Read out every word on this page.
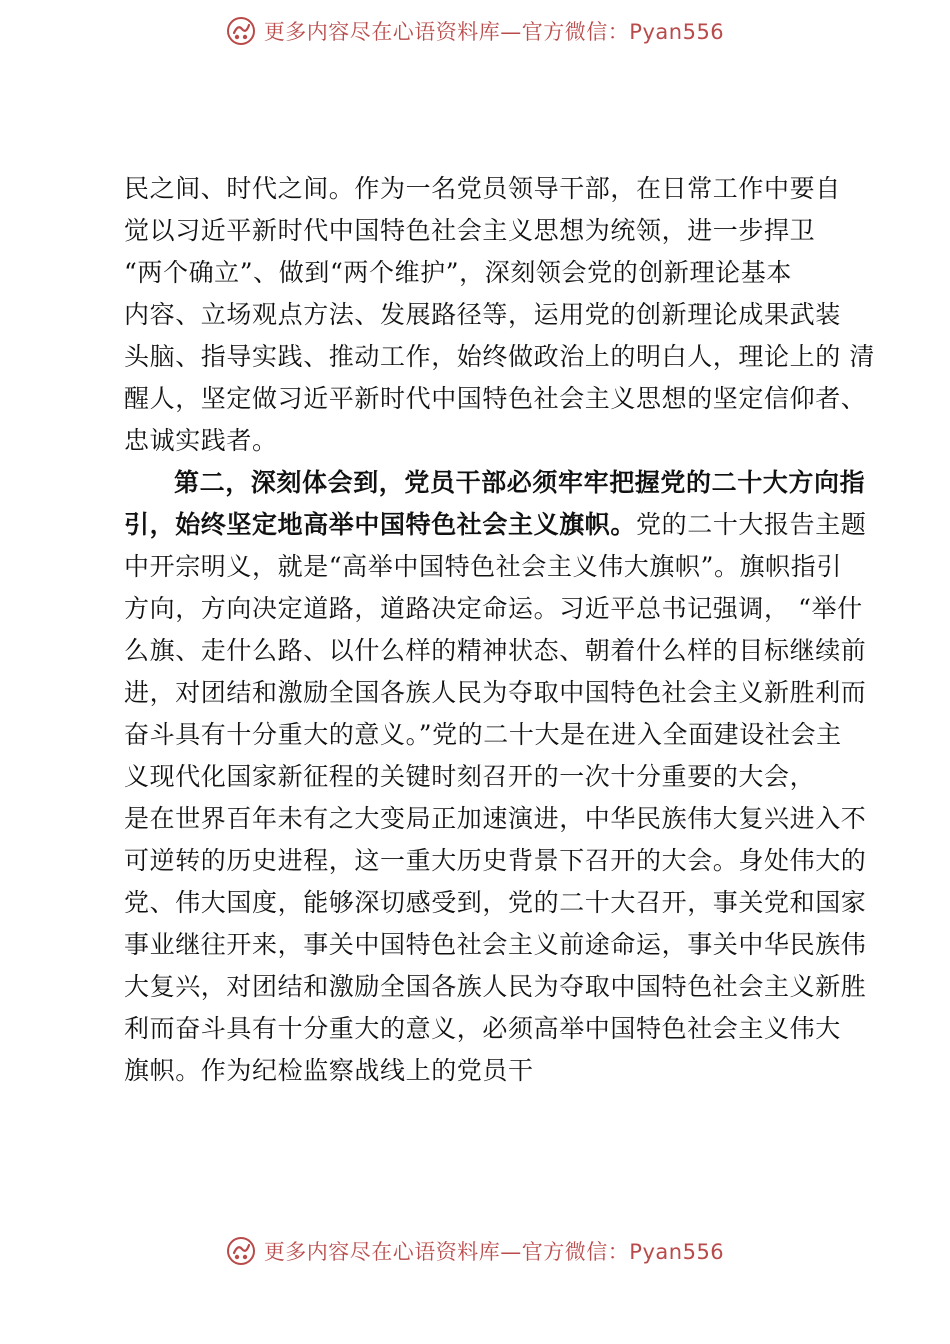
更多内容尽在心语资料库—官方微信：Pyan556
民之间、时代之间。作为一名党员领导干部，在日常工作中要自
觉以习近平新时代中国特色社会主义思想为统领，进一步捍卫
“两个确立”、做到“两个维护”，深刻领会党的创新理论基本
内容、立场观点方法、发展路径等，运用党的创新理论成果武装
头脑、指导实践、推动工作，始终做政治上的明白人，理论上的 清
醒人，坚定做习近平新时代中国特色社会主义思想的坚定信仰者、
忠诚实践者。
第二，深刻体会到，党员干部必须牢牢把握党的二十大方向指
引，始终坚定地高举中国特色社会主义旗帜。党的二十大报告主题
中开宗明义，就是“高举中国特色社会主义伟大旗帜”。旗帜指引
方向，方向决定道路，道路决定命运。习近平总书记强调， “举什
么旗、走什么路、以什么样的精神状态、朝着什么样的目标继续前
进，对团结和激励全国各族人民为夺取中国特色社会主义新胜利而
奋斗具有十分重大的意义。”党的二十大是在进入全面建设社会主
义现代化国家新征程的关键时刻召开的一次十分重要的大会，
是在世界百年未有之大变局正加速演进，中华民族伟大复兴进入不
可逆转的历史进程，这一重大历史背景下召开的大会。身处伟大的
党、伟大国度，能够深切感受到，党的二十大召开，事关党和国家
事业继往开来，事关中国特色社会主义前途命运，事关中华民族伟
大复兴，对团结和激励全国各族人民为夺取中国特色社会主义新胜
利而奋斗具有十分重大的意义，必须高举中国特色社会主义伟大
旗帜。作为纪检监察战线上的党员干
更多内容尽在心语资料库—官方微信：Pyan556
